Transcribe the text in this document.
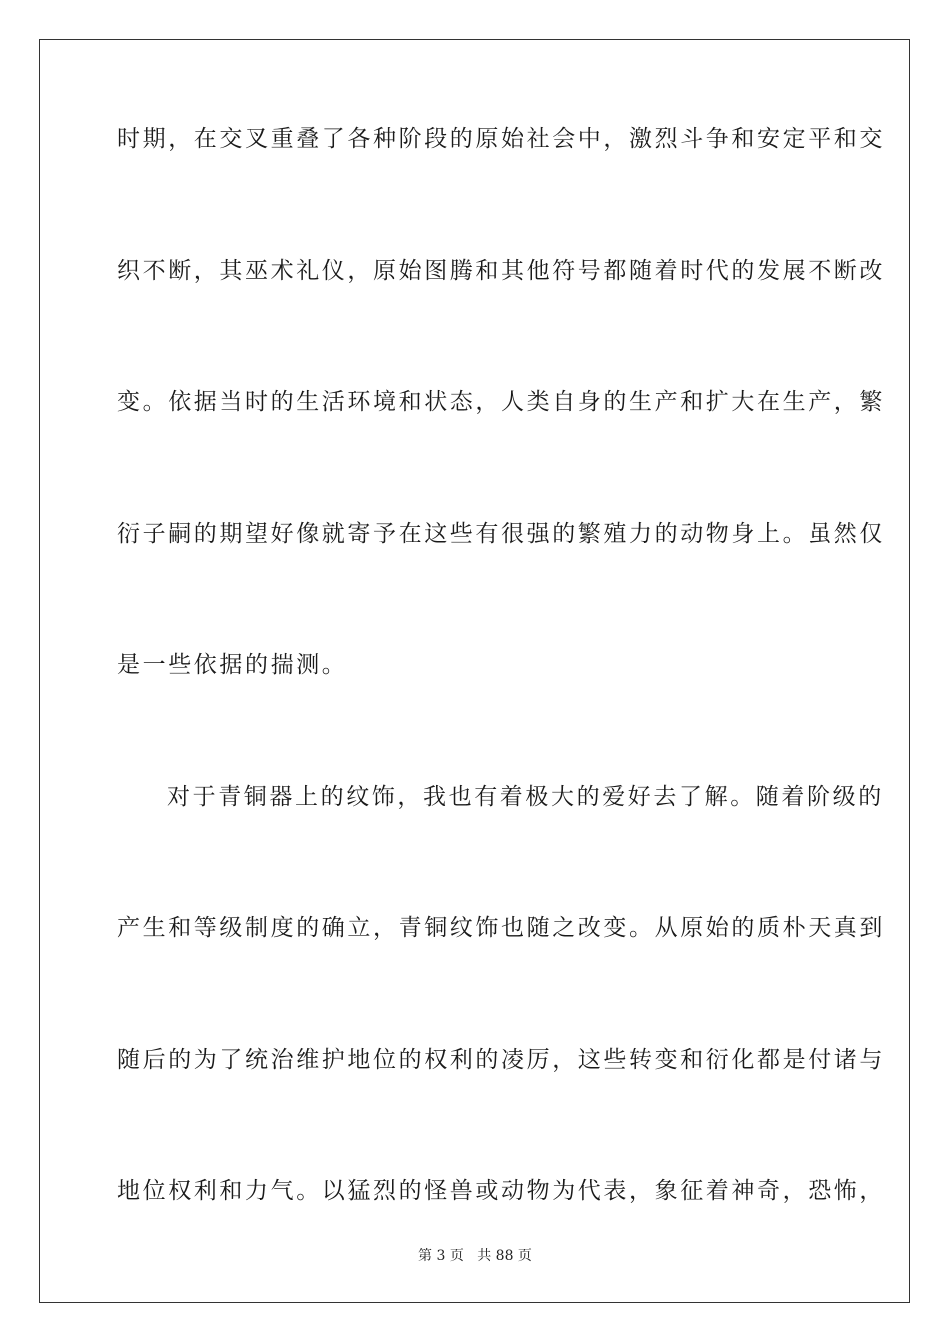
时期，在交叉重叠了各种阶段的原始社会中，激烈斗争和安定平和交
织不断，其巫术礼仪，原始图腾和其他符号都随着时代的发展不断改
变。依据当时的生活环境和状态，人类自身的生产和扩大在生产，繁
衍子嗣的期望好像就寄予在这些有很强的繁殖力的动物身上。虽然仅
是一些依据的揣测。
对于青铜器上的纹饰，我也有着极大的爱好去了解。随着阶级的
产生和等级制度的确立，青铜纹饰也随之改变。从原始的质朴天真到
随后的为了统治维护地位的权利的凌厉，这些转变和衍化都是付诸与
地位权利和力气。以猛烈的怪兽或动物为代表，象征着神奇，恐怖，
第 3 页 共 88 页
